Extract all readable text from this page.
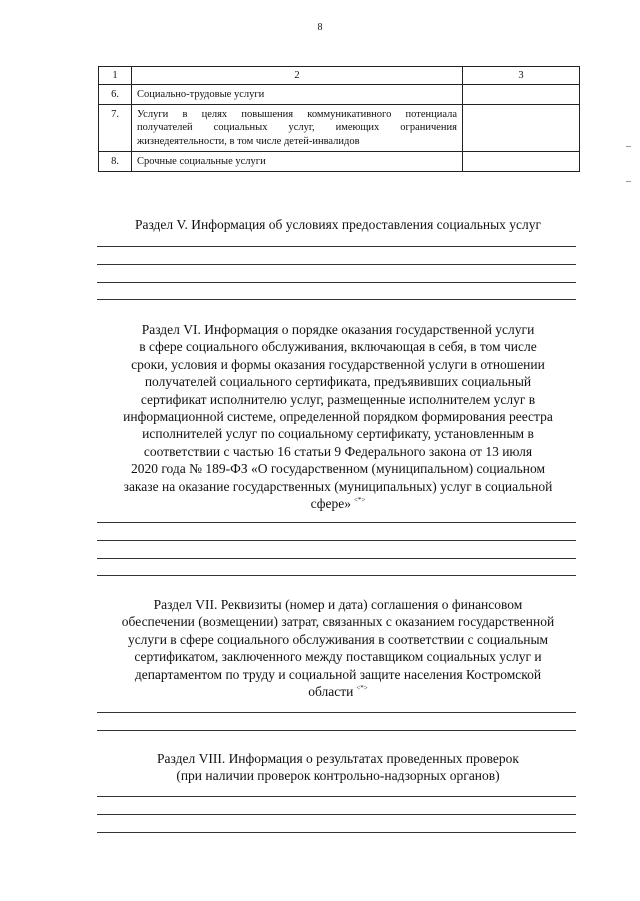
8
1	2	3
6.	Социально-трудовые услуги	
7.	Услуги в целях повышения коммуникативного потенциала получателей социальных услуг, имеющих ограничения жизнедеятельности, в том числе детей-инвалидов	
8.	Срочные социальные услуги	
Раздел V. Информация об условиях предоставления социальных услуг
Раздел VI. Информация о порядке оказания государственной услуги
в сфере социального обслуживания, включающая в себя, в том числе
сроки, условия и формы оказания государственной услуги в отношении
получателей социального сертификата, предъявивших социальный
сертификат исполнителю услуг, размещенные исполнителем услуг в
информационной системе, определенной порядком формирования реестра
исполнителей услуг по социальному сертификату, установленным в
соответствии с частью 16 статьи 9 Федерального закона от 13 июля
2020 года № 189-ФЗ «О государственном (муниципальном) социальном
заказе на оказание государственных (муниципальных) услуг в социальной
сфере» <*>
Раздел VII. Реквизиты (номер и дата) соглашения о финансовом
обеспечении (возмещении) затрат, связанных с оказанием государственной
услуги в сфере социального обслуживания в соответствии с социальным
сертификатом, заключенного между поставщиком социальных услуг и
департаментом по труду и социальной защите населения Костромской
области <*>
Раздел VIII. Информация о результатах проведенных проверок
(при наличии проверок контрольно-надзорных органов)
